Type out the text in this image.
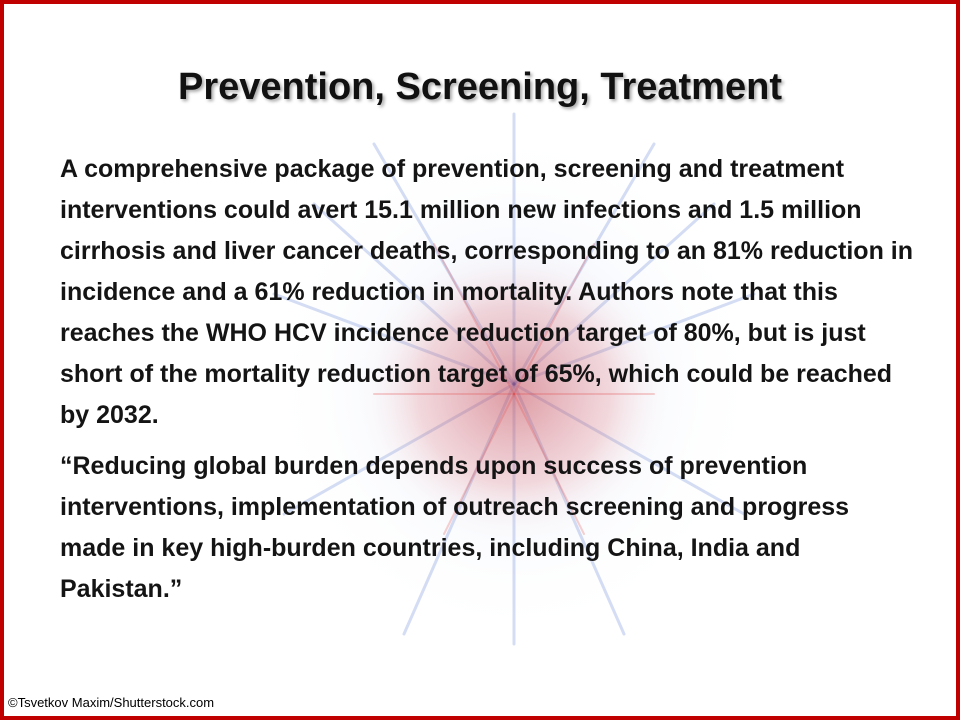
Prevention, Screening, Treatment

A comprehensive package of prevention, screening and treatment interventions could avert 15.1 million new infections and 1.5 million cirrhosis and liver cancer deaths, corresponding to an 81% reduction in incidence and a 61% reduction in mortality. Authors note that this reaches the WHO HCV incidence reduction target of 80%, but is just short of the mortality reduction target of 65%, which could be reached by 2032.

“Reducing global burden depends upon success of prevention interventions, implementation of outreach screening and progress made in key high-burden countries, including China, India and Pakistan.”

©Tsvetkov Maxim/Shutterstock.com
